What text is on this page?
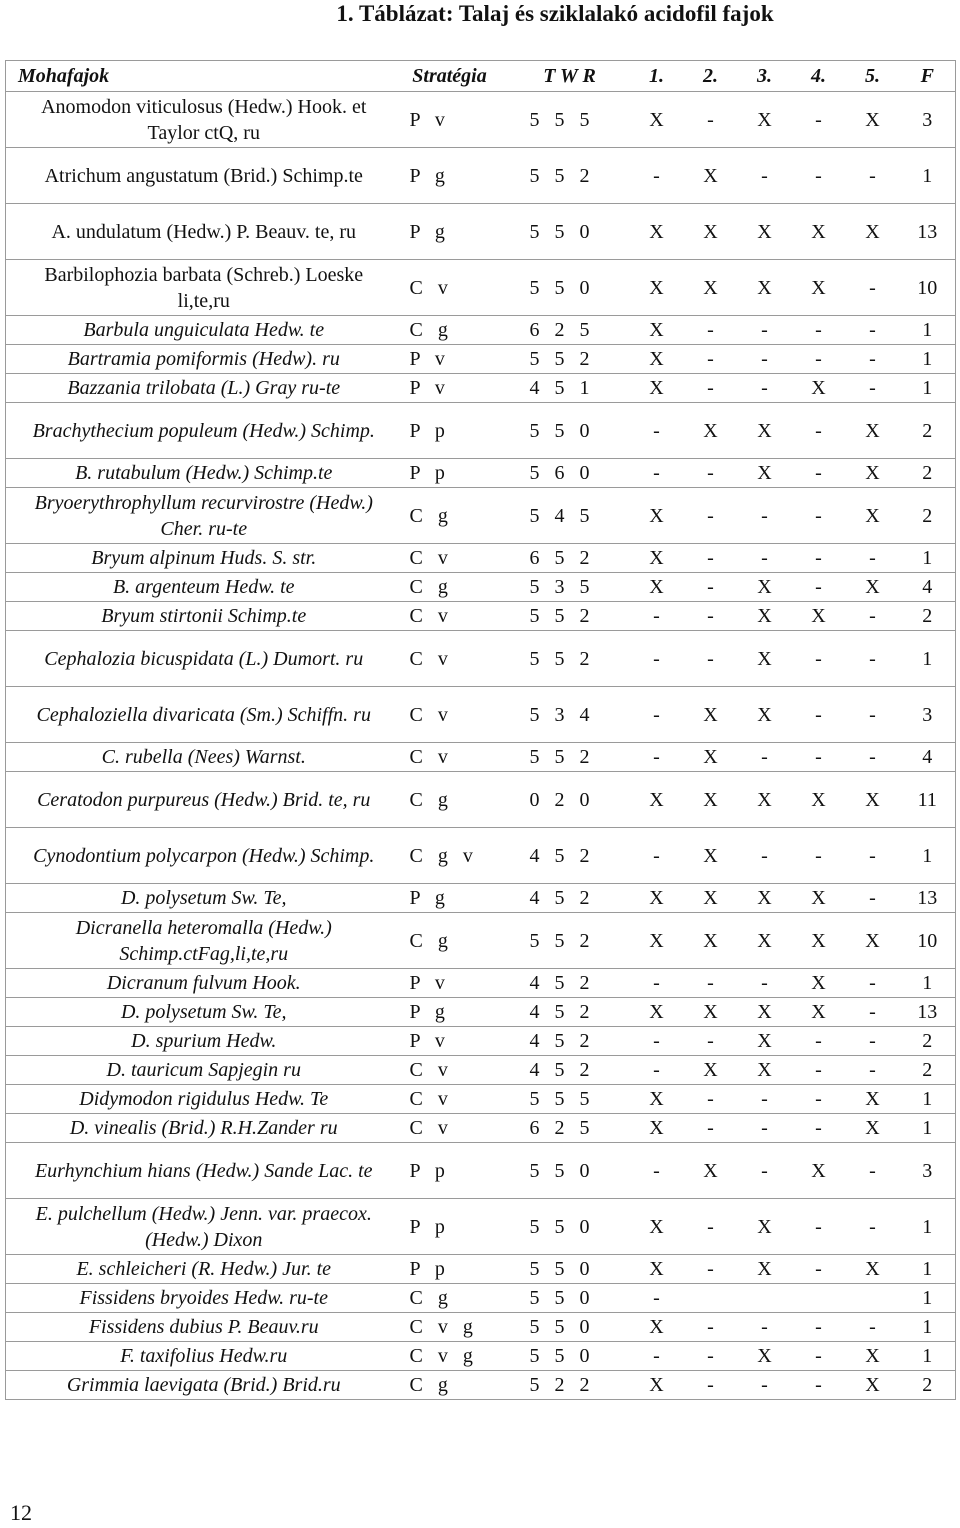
1. Táblázat: Talaj és sziklalakó acidofil fajok
Mohafajok	Stratégia	T W R	1.	2.	3.	4.	5.	F
Anomodon viticulosus (Hedw.) Hook. et Taylor ctQ, ru	P v	5 5 5	X	-	X	-	X	3
Atrichum angustatum (Brid.) Schimp.te	P g	5 5 2	-	X	-	-	-	1
A. undulatum (Hedw.) P. Beauv. te, ru	P g	5 5 0	X	X	X	X	X	13
Barbilophozia barbata (Schreb.) Loeske li,te,ru	C v	5 5 0	X	X	X	X	-	10
Barbula unguiculata Hedw. te	C g	6 2 5	X	-	-	-	-	1
Bartramia pomiformis (Hedw). ru	P v	5 5 2	X	-	-	-	-	1
Bazzania trilobata (L.) Gray ru-te	P v	4 5 1	X	-	-	X	-	1
Brachythecium populeum (Hedw.) Schimp.	P p	5 5 0	-	X	X	-	X	2
B. rutabulum (Hedw.) Schimp.te	P p	5 6 0	-	-	X	-	X	2
Bryoerythrophyllum recurvirostre (Hedw.) Cher. ru-te	C g	5 4 5	X	-	-	-	X	2
Bryum alpinum Huds. S. str.	C v	6 5 2	X	-	-	-	-	1
B. argenteum Hedw. te	C g	5 3 5	X	-	X	-	X	4
Bryum stirtonii Schimp.te	C v	5 5 2	-	-	X	X	-	2
Cephalozia bicuspidata (L.) Dumort. ru	C v	5 5 2	-	-	X	-	-	1
Cephaloziella divaricata (Sm.) Schiffn. ru	C v	5 3 4	-	X	X	-	-	3
C. rubella (Nees) Warnst.	C v	5 5 2	-	X	-	-	-	4
Ceratodon purpureus (Hedw.) Brid. te, ru	C g	0 2 0	X	X	X	X	X	11
Cynodontium polycarpon (Hedw.) Schimp.	C g v	4 5 2	-	X	-	-	-	1
D. polysetum Sw. Te,	P g	4 5 2	X	X	X	X	-	13
Dicranella heteromalla (Hedw.) Schimp.ctFag,li,te,ru	C g	5 5 2	X	X	X	X	X	10
Dicranum fulvum Hook.	P v	4 5 2	-	-	-	X	-	1
D. polysetum Sw. Te,	P g	4 5 2	X	X	X	X	-	13
D. spurium Hedw.	P v	4 5 2	-	-	X	-	-	2
D. tauricum Sapjegin ru	C v	4 5 2	-	X	X	-	-	2
Didymodon rigidulus Hedw. Te	C v	5 5 5	X	-	-	-	X	1
D. vinealis (Brid.) R.H.Zander ru	C v	6 2 5	X	-	-	-	X	1
Eurhynchium hians (Hedw.) Sande Lac. te	P p	5 5 0	-	X	-	X	-	3
E. pulchellum (Hedw.) Jenn. var. praecox. (Hedw.) Dixon	P p	5 5 0	X	-	X	-	-	1
E. schleicheri (R. Hedw.) Jur. te	P p	5 5 0	X	-	X	-	X	1
Fissidens bryoides Hedw. ru-te	C g	5 5 0	-					1
Fissidens dubius P. Beauv.ru	C v g	5 5 0	X	-	-	-	-	1
F. taxifolius Hedw.ru	C v g	5 5 0	-	-	X	-	X	1
Grimmia laevigata (Brid.) Brid.ru	C g	5 2 2	X	-	-	-	X	2
12
